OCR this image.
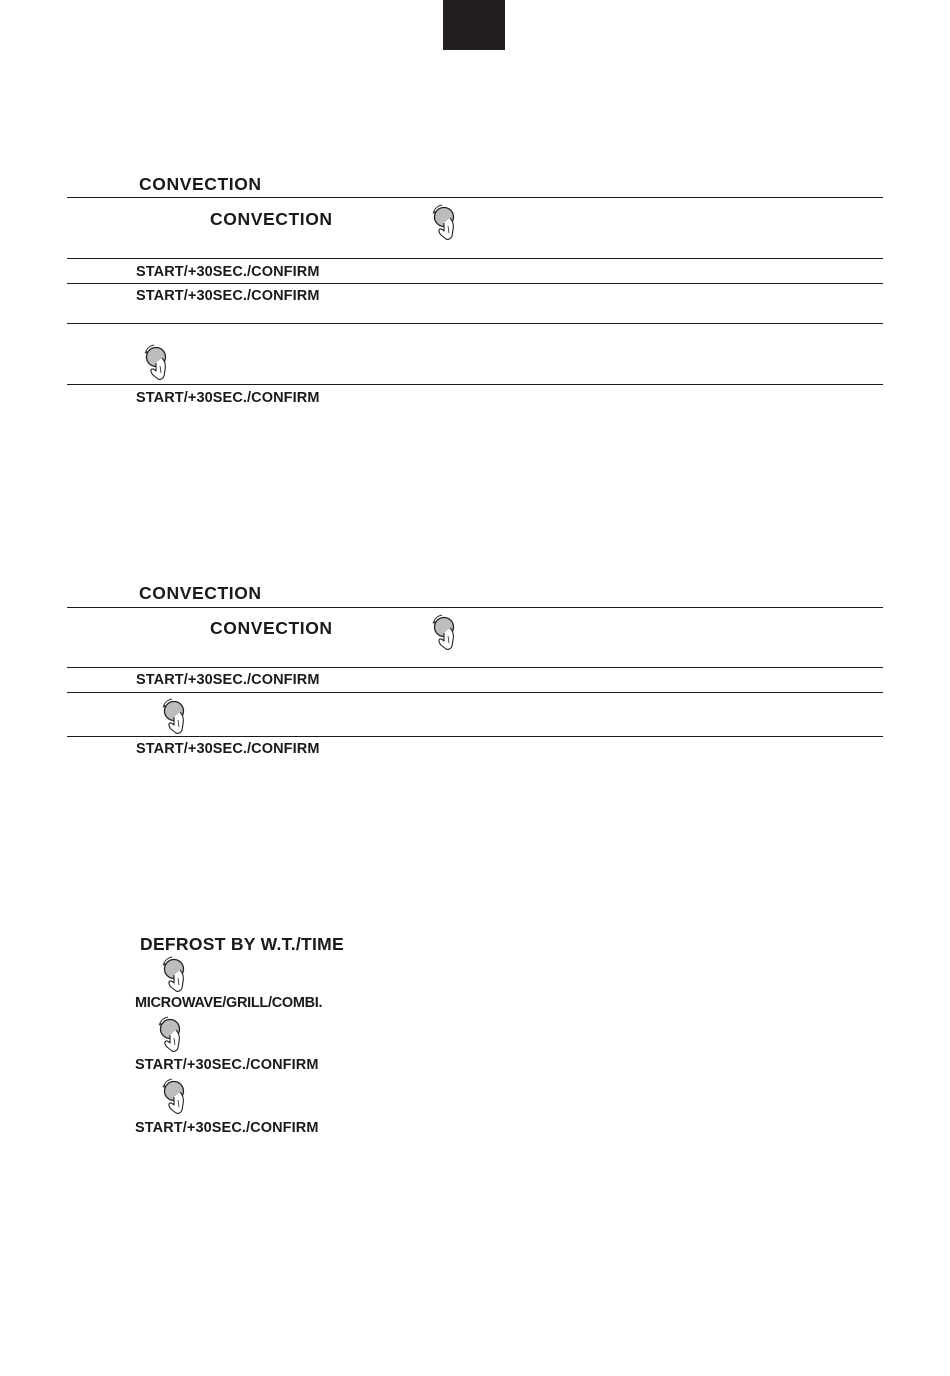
CONVECTION
CONVECTION
START/+30SEC./CONFIRM
START/+30SEC./CONFIRM
START/+30SEC./CONFIRM
CONVECTION
CONVECTION
START/+30SEC./CONFIRM
START/+30SEC./CONFIRM
DEFROST BY W.T./TIME
MICROWAVE/GRILL/COMBI.
START/+30SEC./CONFIRM
START/+30SEC./CONFIRM
